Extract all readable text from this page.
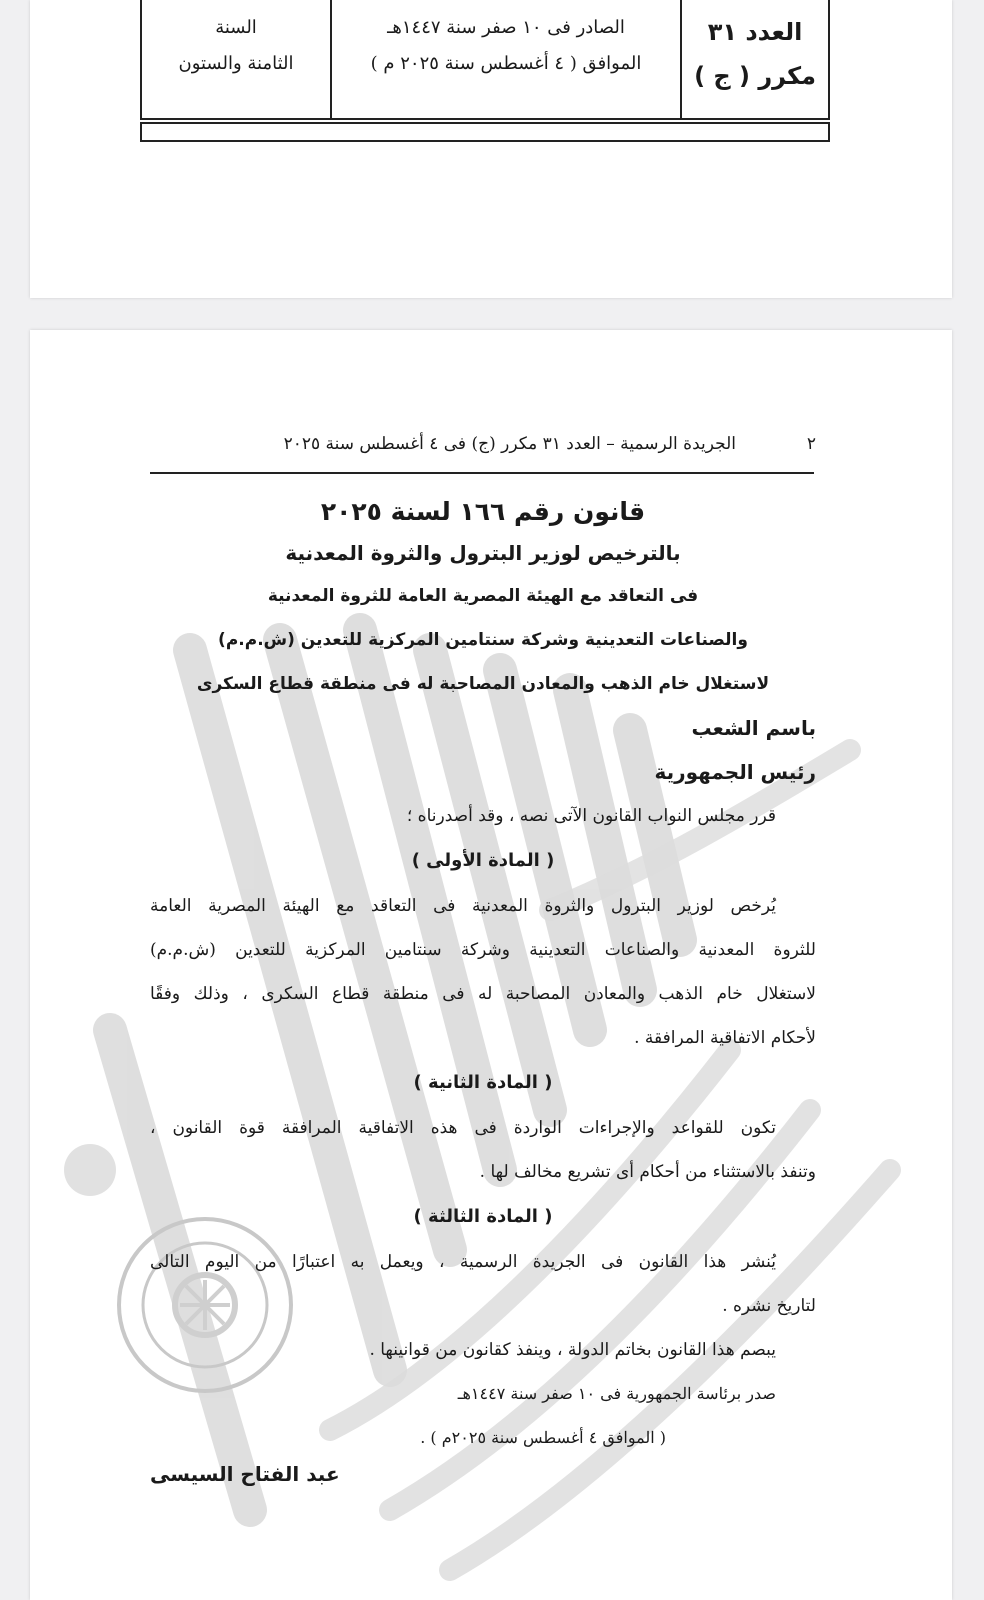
العدد ٣١
مكرر ( ج )
الصادر فى ١٠ صفر سنة ١٤٤٧هـ
الموافق ( ٤ أغسطس سنة ٢٠٢٥ م )
السنة
الثامنة والستون
٢
الجريدة الرسمية – العدد ٣١ مكرر (ج) فى ٤ أغسطس سنة ٢٠٢٥
قانون رقم ١٦٦ لسنة ٢٠٢٥
بالترخيص لوزير البترول والثروة المعدنية
فى التعاقد مع الهيئة المصرية العامة للثروة المعدنية
والصناعات التعدينية وشركة سنتامين المركزية للتعدين (ش.م.م)
لاستغلال خام الذهب والمعادن المصاحبة له فى منطقة قطاع السكرى
باسم الشعب
رئيس الجمهورية
قرر مجلس النواب القانون الآتى نصه ، وقد أصدرناه ؛
( المادة الأولى )
يُرخص لوزير البترول والثروة المعدنية فى التعاقد مع الهيئة المصرية العامة
للثروة المعدنية والصناعات التعدينية وشركة سنتامين المركزية للتعدين (ش.م.م)
لاستغلال خام الذهب والمعادن المصاحبة له فى منطقة قطاع السكرى ، وذلك وفقًا
لأحكام الاتفاقية المرافقة .
( المادة الثانية )
تكون للقواعد والإجراءات الواردة فى هذه الاتفاقية المرافقة قوة القانون ،
وتنفذ بالاستثناء من أحكام أى تشريع مخالف لها .
( المادة الثالثة )
يُنشر هذا القانون فى الجريدة الرسمية ، ويعمل به اعتبارًا من اليوم التالى
لتاريخ نشره .
يبصم هذا القانون بخاتم الدولة ، وينفذ كقانون من قوانينها .
صدر برئاسة الجمهورية فى ١٠ صفر سنة ١٤٤٧هـ
( الموافق ٤ أغسطس سنة ٢٠٢٥م ) .
عبد الفتاح السيسى
